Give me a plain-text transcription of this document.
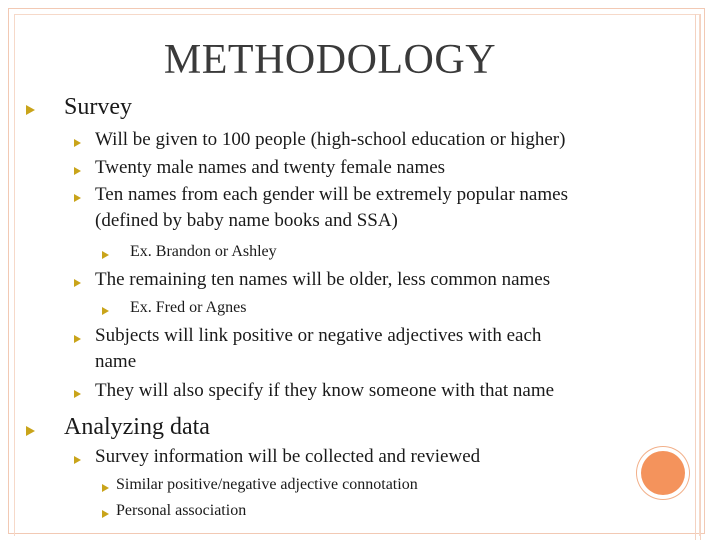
METHODOLOGY
Survey
Will be given to 100 people (high-school education or higher)
Twenty male names and twenty female names
Ten names from each gender will be extremely popular names
(defined by baby name books and SSA)
Ex. Brandon or Ashley
The remaining ten names will be older, less common names
Ex. Fred or Agnes
Subjects will link positive or negative adjectives with each
name
They will also specify if they know someone with that name
Analyzing data
Survey information will be collected and reviewed
Similar positive/negative adjective connotation
Personal association
